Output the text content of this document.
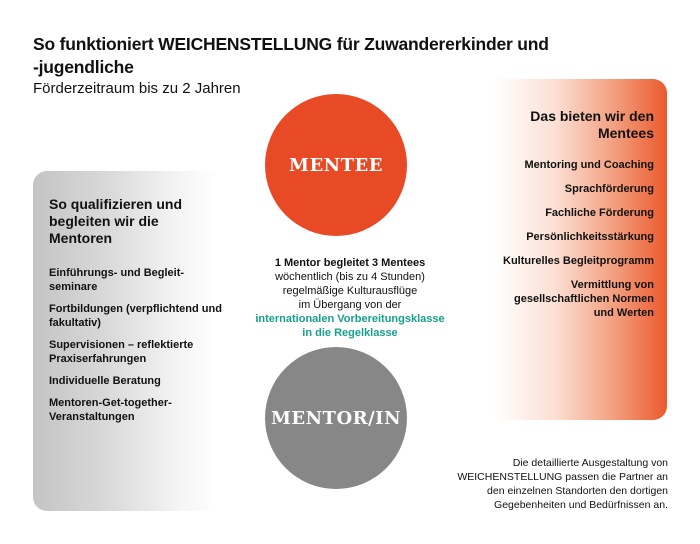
So funktioniert WEICHENSTELLUNG für Zuwandererkinder und -jugendliche
Förderzeitraum bis zu 2 Jahren
So qualifizieren und begleiten wir die Mentoren
Einführungs- und Begleit-seminare
Fortbildungen (verpflichtend und fakultativ)
Supervisionen – reflektierte Praxiserfahrungen
Individuelle Beratung
Mentoren-Get-together-Veranstaltungen
Das bieten wir den Mentees
Mentoring und Coaching
Sprachförderung
Fachliche Förderung
Persönlichkeitsstärkung
Kulturelles Begleitprogramm
Vermittlung von gesellschaftlichen Normen und Werten
MENTEE
MENTOR/IN
1 Mentor begleitet 3 Mentees
wöchentlich (bis zu 4 Stunden)
regelmäßige Kulturausflüge
im Übergang von der
internationalen Vorbereitungsklasse
in die Regelklasse
Die detaillierte Ausgestaltung von WEICHENSTELLUNG passen die Partner an den einzelnen Standorten den dortigen Gegebenheiten und Bedürfnissen an.
